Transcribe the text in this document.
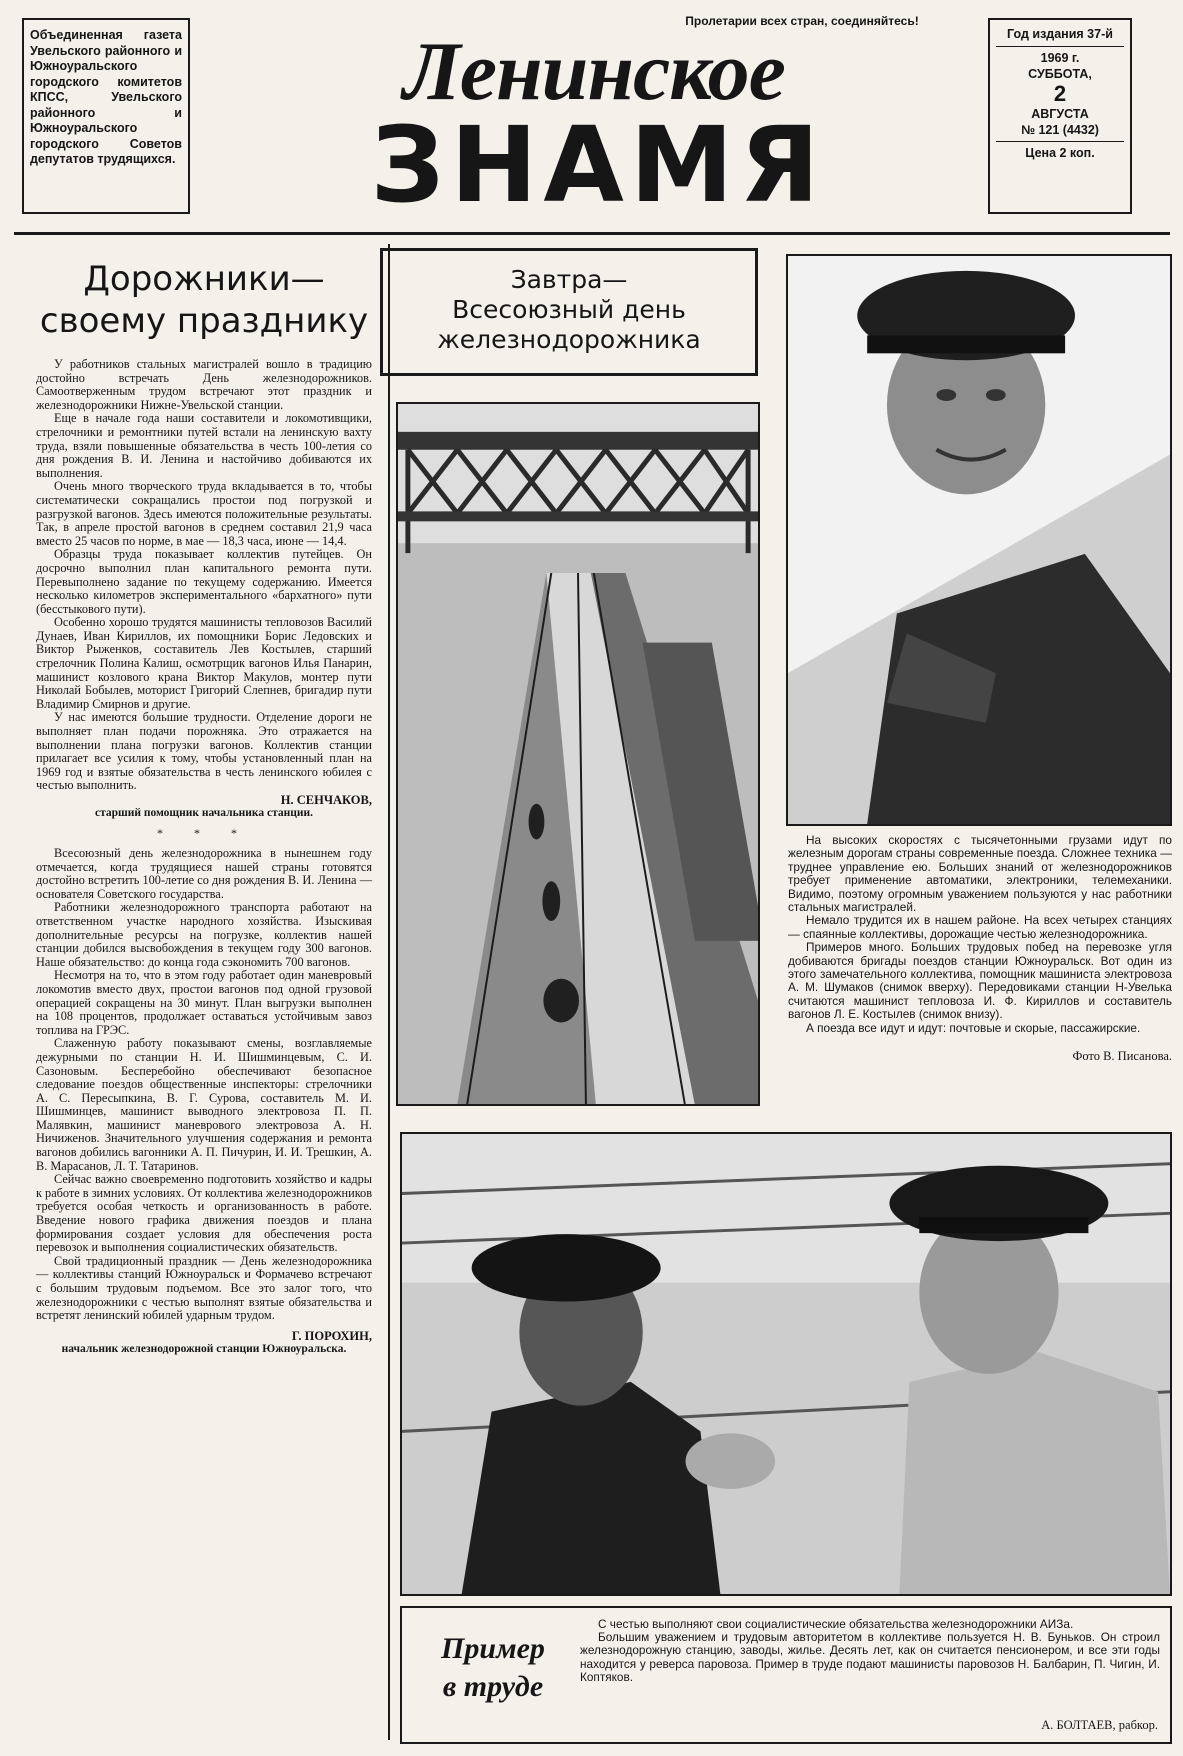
Объединенная газета Увельского районного и Южноуральского городского комитетов КПСС, Увельского районного и Южноуральского городского Советов депутатов трудящихся.
Пролетарии всех стран, соединяйтесь!
Ленинское
ЗНАМЯ
Год издания 37-й
1969 г.
СУББОТА,
2
АВГУСТА
№ 121 (4432)
Цена 2 коп.
Дорожники— своему празднику

У работников стальных магистралей вошло в традицию достойно встречать День железнодорожников. Самоотверженным трудом встречают этот праздник и железнодорожники Нижне-Увельской станции.

Еще в начале года наши составители и локомотивщики, стрелочники и ремонтники путей встали на ленинскую вахту труда, взяли повышенные обязательства в честь 100-летия со дня рождения В. И. Ленина и настойчиво добиваются их выполнения.

Очень много творческого труда вкладывается в то, чтобы систематически сокращались простои под погрузкой и разгрузкой вагонов. Здесь имеются положительные результаты. Так, в апреле простой вагонов в среднем составил 21,9 часа вместо 25 часов по норме, в мае — 18,3 часа, июне — 14,4.

Образцы труда показывает коллектив путейцев. Он досрочно выполнил план капитального ремонта пути. Перевыполнено задание по текущему содержанию. Имеется несколько километров экспериментального «бархатного» пути (бесстыкового пути).

Особенно хорошо трудятся машинисты тепловозов Василий Дунаев, Иван Кириллов, их помощники Борис Ледовских и Виктор Рыженков, составитель Лев Костылев, старший стрелочник Полина Калиш, осмотрщик вагонов Илья Панарин, машинист козлового крана Виктор Макулов, монтер пути Николай Бобылев, моторист Григорий Слепнев, бригадир пути Владимир Смирнов и другие.

У нас имеются большие трудности. Отделение дороги не выполняет план подачи порожняка. Это отражается на выполнении плана погрузки вагонов. Коллектив станции прилагает все усилия к тому, чтобы установленный план на 1969 год и взятые обязательства в честь ленинского юбилея с честью выполнить.

Н. СЕНЧАКОВ,

старший помощник начальника станции.

* * *

Всесоюзный день железнодорожника в нынешнем году отмечается, когда трудящиеся нашей страны готовятся достойно встретить 100-летие со дня рождения В. И. Ленина — основателя Советского государства.

Работники железнодорожного транспорта работают на ответственном участке народного хозяйства. Изыскивая дополнительные ресурсы на погрузке, коллектив нашей станции добился высвобождения в текущем году 300 вагонов. Наше обязательство: до конца года сэкономить 700 вагонов.

Несмотря на то, что в этом году работает один маневровый локомотив вместо двух, простои вагонов под одной грузовой операцией сокращены на 30 минут. План выгрузки выполнен на 108 процентов, продолжает оставаться устойчивым завоз топлива на ГРЭС.

Слаженную работу показывают смены, возглавляемые дежурными по станции Н. И. Шишминцевым, С. И. Сазоновым. Бесперебойно обеспечивают безопасное следование поездов общественные инспекторы: стрелочники А. С. Пересыпкина, В. Г. Сурова, составитель М. И. Шишминцев, машинист выводного электровоза П. П. Малявкин, машинист маневрового электровоза А. Н. Ничиженов. Значительного улучшения содержания и ремонта вагонов добились вагонники А. П. Пичурин, И. И. Трешкин, А. В. Марасанов, Л. Т. Татаринов.

Сейчас важно своевременно подготовить хозяйство и кадры к работе в зимних условиях. От коллектива железнодорожников требуется особая четкость и организованность в работе. Введение нового графика движения поездов и плана формирования создает условия для обеспечения роста перевозок и выполнения социалистических обязательств.

Свой традиционный праздник — День железнодорожника — коллективы станций Южноуральск и Формачево встречают с большим трудовым подъемом. Все это залог того, что железнодорожники с честью выполнят взятые обязательства и встретят ленинский юбилей ударным трудом.

Г. ПОРОХИН,

начальник железнодорожной станции Южноуральска.

Завтра—
Всесоюзный день
железнодорожника

На высоких скоростях с тысячетонными грузами идут по железным дорогам страны современные поезда. Сложнее техника — труднее управление ею. Больших знаний от железнодорожников требует применение автоматики, электроники, телемеханики. Видимо, поэтому огромным уважением пользуются у нас работники стальных магистралей.

Немало трудится их в нашем районе. На всех четырех станциях — спаянные коллективы, дорожащие честью железнодорожника.

Примеров много. Больших трудовых побед на перевозке угля добиваются бригады поездов станции Южноуральск. Вот один из этого замечательного коллектива, помощник машиниста электровоза А. М. Шумаков (снимок вверху). Передовиками станции Н-Увелька считаются машинист тепловоза И. Ф. Кириллов и составитель вагонов Л. Е. Костылев (снимок внизу).

А поезда все идут и идут: почтовые и скорые, пассажирские.

Фото В. Писанова.
Пример
в труде

С честью выполняют свои социалистические обязательства железнодорожники АИЗа.

Большим уважением и трудовым авторитетом в коллективе пользуется Н. В. Буньков. Он строил железнодорожную станцию, заводы, жилье. Десять лет, как он считается пенсионером, и все эти годы находится у реверса паровоза. Пример в труде подают машинисты паровозов Н. Балбарин, П. Чигин, И. Коптяков.

А. БОЛТАЕВ, рабкор.
